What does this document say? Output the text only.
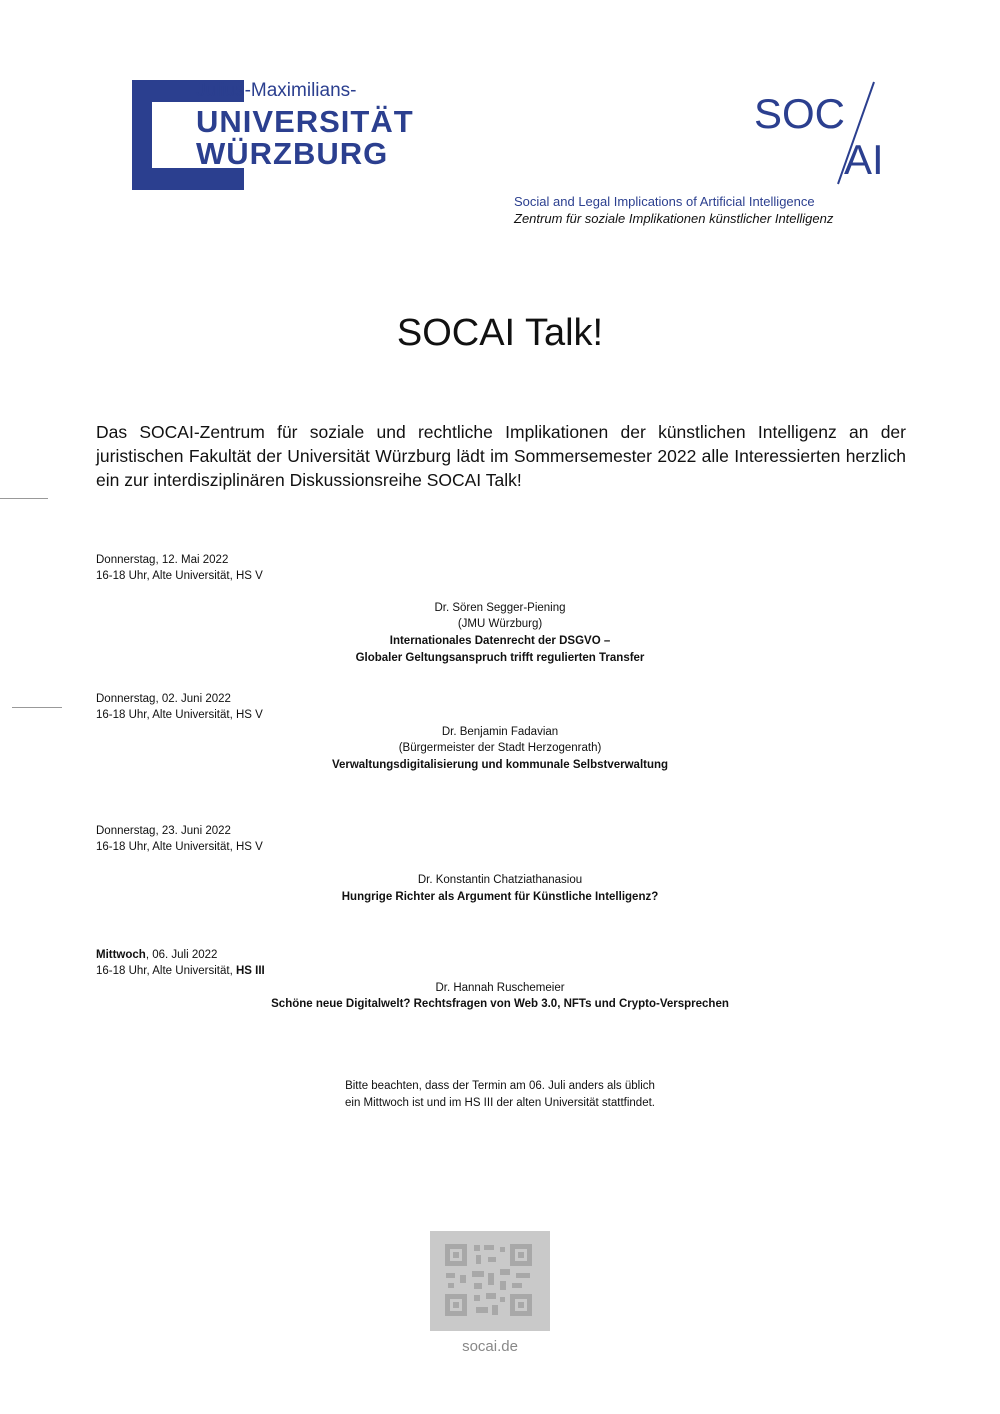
Julius-Maximilians-
UNIVERSITÄT
WÜRZBURG
SOC
AI
Social and Legal Implications of Artificial Intelligence
Zentrum für soziale Implikationen künstlicher Intelligenz
SOCAI Talk!
Das SOCAI-Zentrum für soziale und rechtliche Implikationen der künstlichen Intelligenz an der juristischen Fakultät der Universität Würzburg lädt im Sommersemester 2022 alle Interessierten herzlich ein zur interdisziplinären Diskussionsreihe SOCAI Talk!
Donnerstag, 12. Mai 2022
16-18 Uhr, Alte Universität, HS V
Dr. Sören Segger-Piening
(JMU Würzburg)
Internationales Datenrecht der DSGVO –
Globaler Geltungsanspruch trifft regulierten Transfer
Donnerstag, 02. Juni 2022
16-18 Uhr, Alte Universität, HS V
Dr. Benjamin Fadavian
(Bürgermeister der Stadt Herzogenrath)
Verwaltungsdigitalisierung und kommunale Selbstverwaltung
Donnerstag, 23. Juni 2022
16-18 Uhr, Alte Universität, HS V
Dr. Konstantin Chatziathanasiou
Hungrige Richter als Argument für Künstliche Intelligenz?
Mittwoch, 06. Juli 2022
16-18 Uhr, Alte Universität, HS III
Dr. Hannah Ruschemeier
Schöne neue Digitalwelt? Rechtsfragen von Web 3.0, NFTs und Crypto-Versprechen
Bitte beachten, dass der Termin am 06. Juli anders als üblich
ein Mittwoch ist und im HS III der alten Universität stattfindet.
socai.de
